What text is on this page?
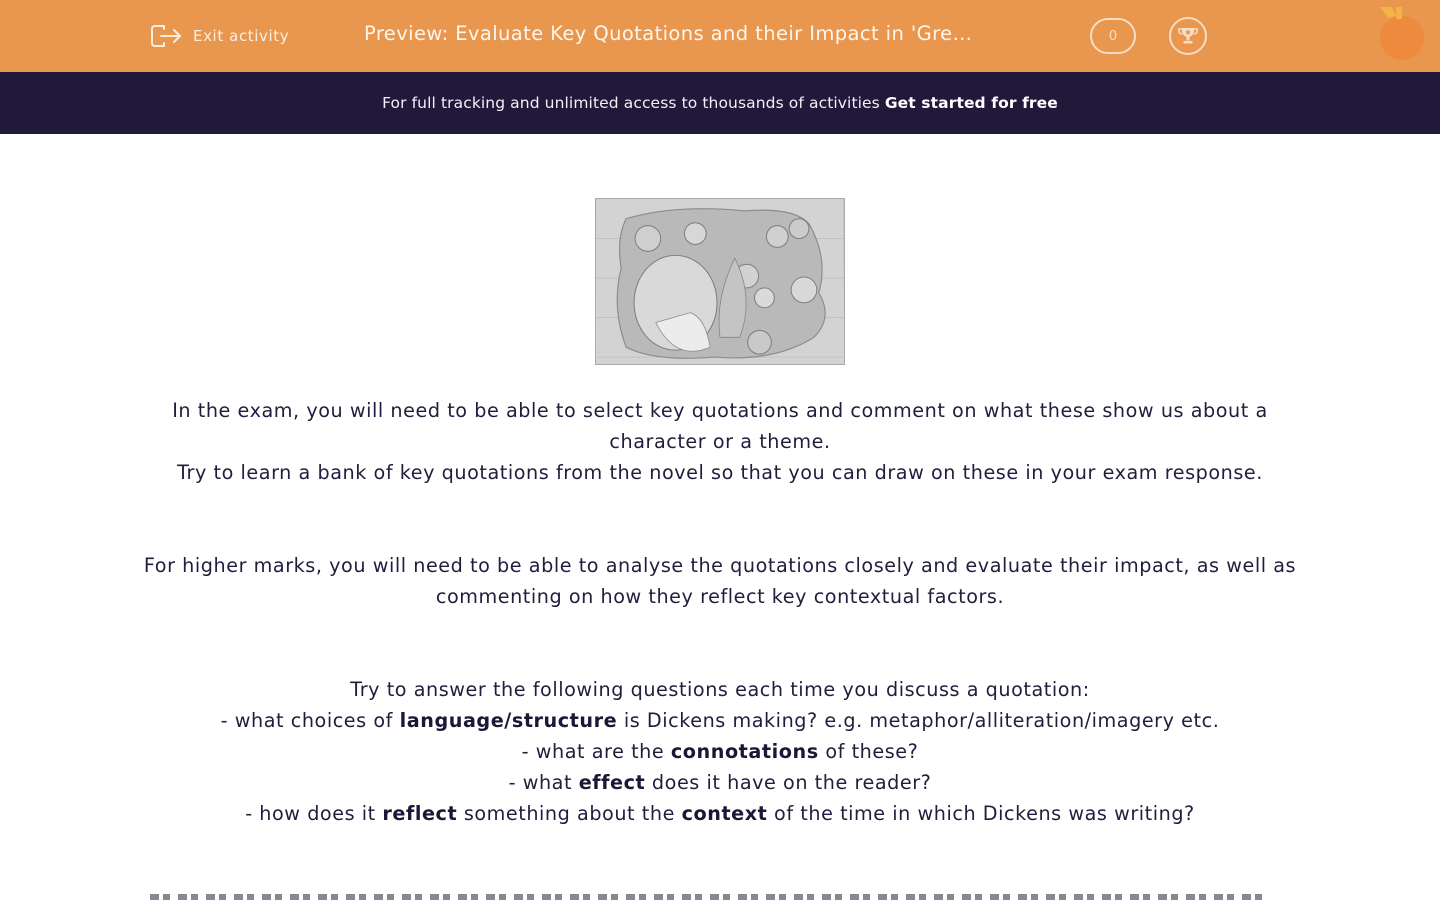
Exit activity	Preview: Evaluate Key Quotations and their Impact in 'Gre…	0
For full tracking and unlimited access to thousands of activities Get started for free

In the exam, you will need to be able to select key quotations and comment on what these show us about a character or a theme.

Try to learn a bank of key quotations from the novel so that you can draw on these in your exam response.

For higher marks, you will need to be able to analyse the quotations closely and evaluate their impact, as well as commenting on how they reflect key contextual factors.

Try to answer the following questions each time you discuss a quotation:

- what choices of language/structure is Dickens making? e.g. metaphor/alliteration/imagery etc.

- what are the connotations of these?

- what effect does it have on the reader?

- how does it reflect something about the context of the time in which Dickens was writing?
